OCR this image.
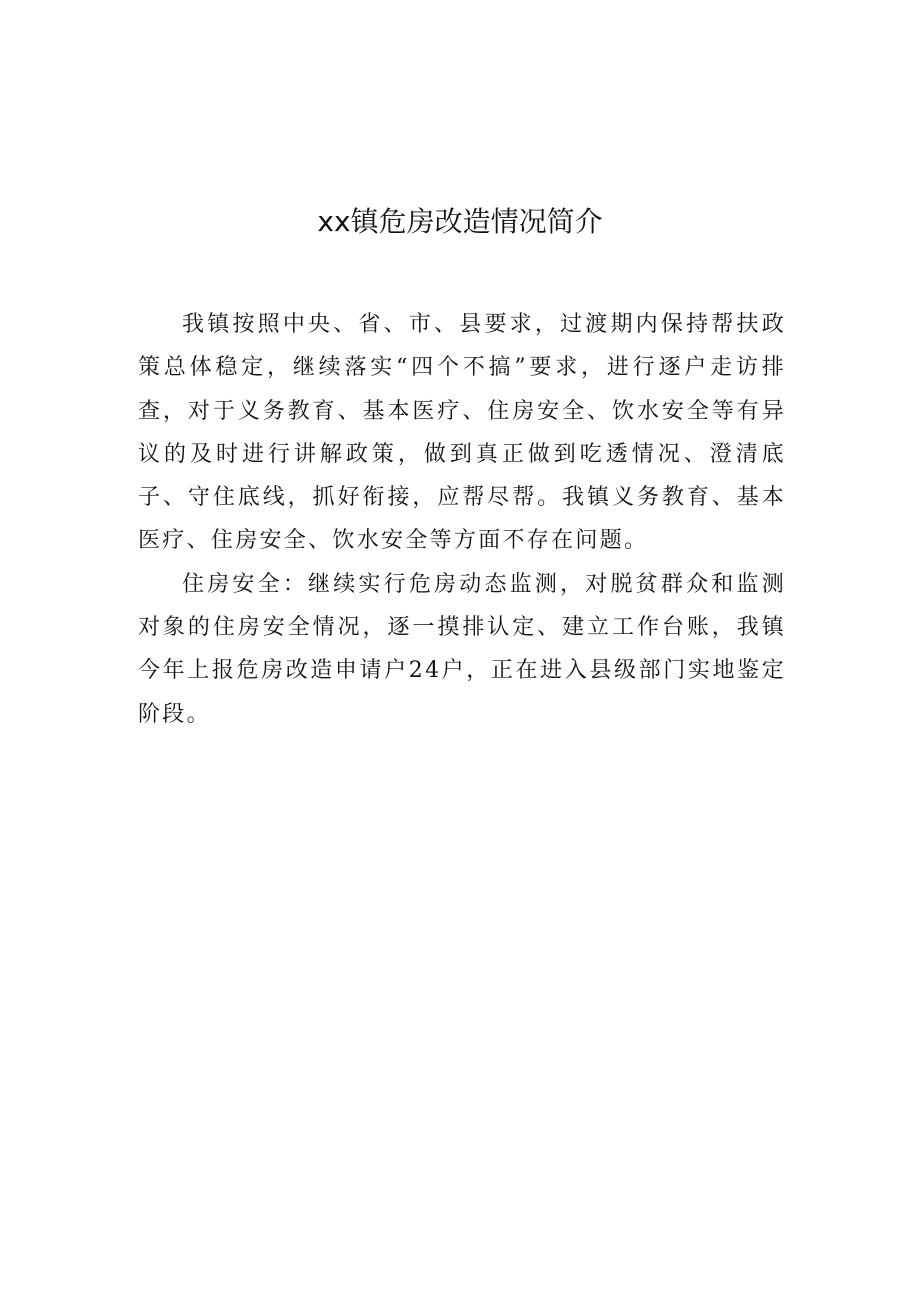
xx镇危房改造情况简介

我镇按照中央、省、市、县要求，过渡期内保持帮扶政策总体稳定，继续落实“四个不搞”要求，进行逐户走访排查，对于义务教育、基本医疗、住房安全、饮水安全等有异议的及时进行讲解政策，做到真正做到吃透情况、澄清底子、守住底线，抓好衔接，应帮尽帮。我镇义务教育、基本医疗、住房安全、饮水安全等方面不存在问题。

住房安全：继续实行危房动态监测，对脱贫群众和监测对象的住房安全情况，逐一摸排认定、建立工作台账，我镇今年上报危房改造申请户24户，正在进入县级部门实地鉴定阶段。
